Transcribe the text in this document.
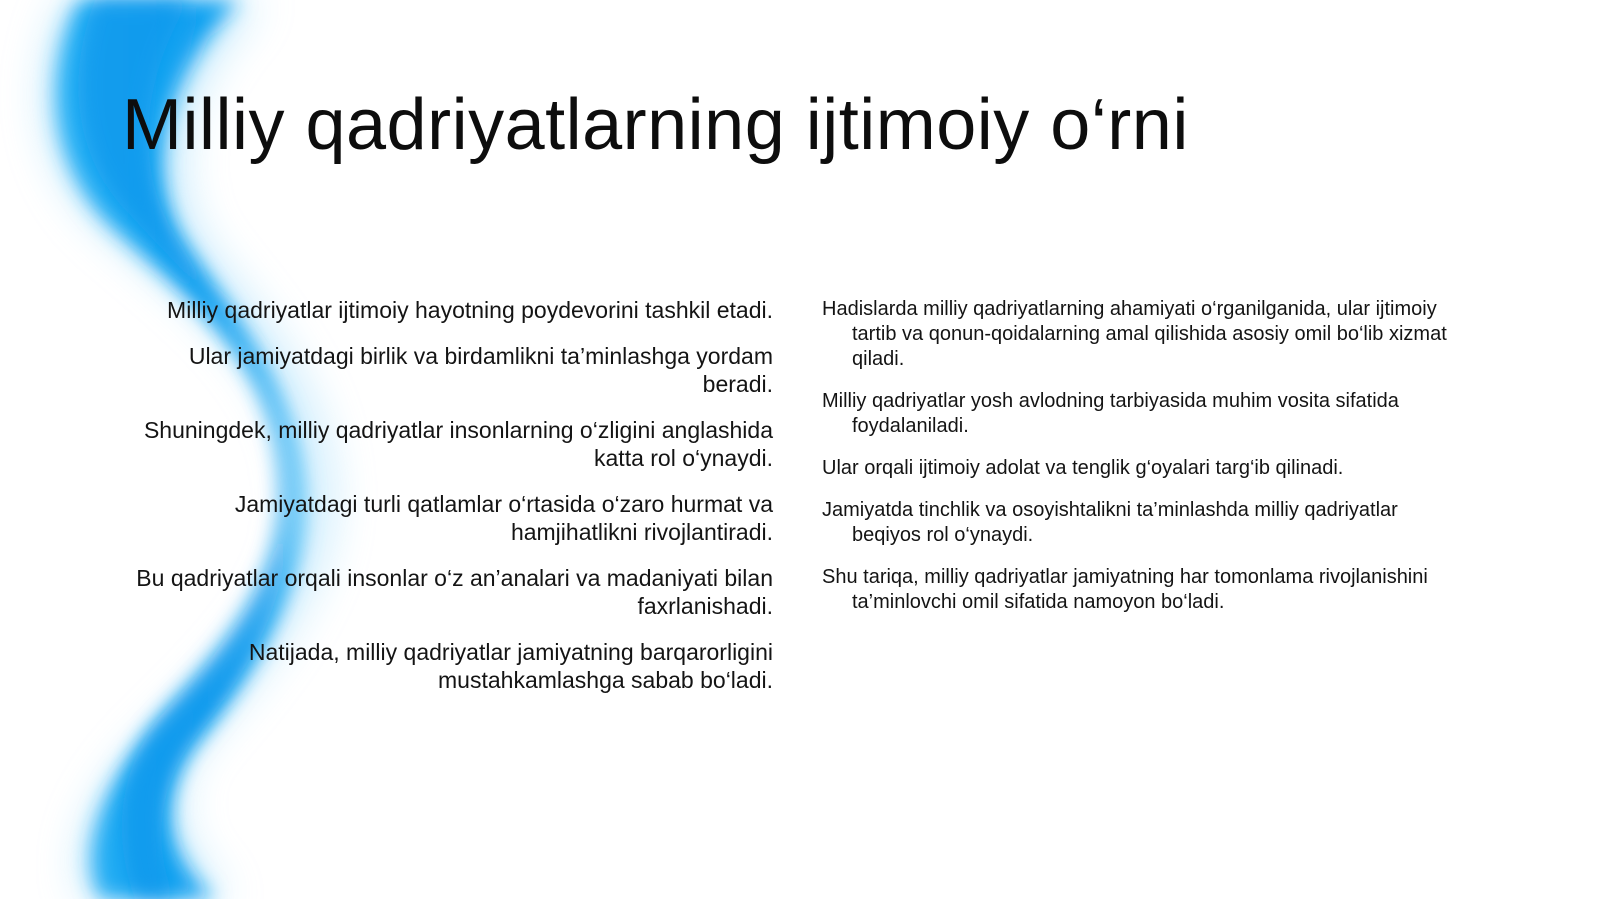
Milliy qadriyatlarning ijtimoiy o‘rni

Milliy qadriyatlar ijtimoiy hayotning poydevorini tashkil etadi.

Ular jamiyatdagi birlik va birdamlikni ta’minlashga yordam beradi.

Shuningdek, milliy qadriyatlar insonlarning o‘zligini anglashida katta rol o‘ynaydi.

Jamiyatdagi turli qatlamlar o‘rtasida o‘zaro hurmat va hamjihatlikni rivojlantiradi.

Bu qadriyatlar orqali insonlar o‘z an’analari va madaniyati bilan faxrlanishadi.

Natijada, milliy qadriyatlar jamiyatning barqarorligini mustahkamlashga sabab bo‘ladi.

Hadislarda milliy qadriyatlarning ahamiyati o‘rganilganida, ular ijtimoiy tartib va qonun-qoidalarning amal qilishida asosiy omil bo‘lib xizmat qiladi.

Milliy qadriyatlar yosh avlodning tarbiyasida muhim vosita sifatida foydalaniladi.

Ular orqali ijtimoiy adolat va tenglik g‘oyalari targ‘ib qilinadi.

Jamiyatda tinchlik va osoyishtalikni ta’minlashda milliy qadriyatlar beqiyos rol o‘ynaydi.

Shu tariqa, milliy qadriyatlar jamiyatning har tomonlama rivojlanishini ta’minlovchi omil sifatida namoyon bo‘ladi.
